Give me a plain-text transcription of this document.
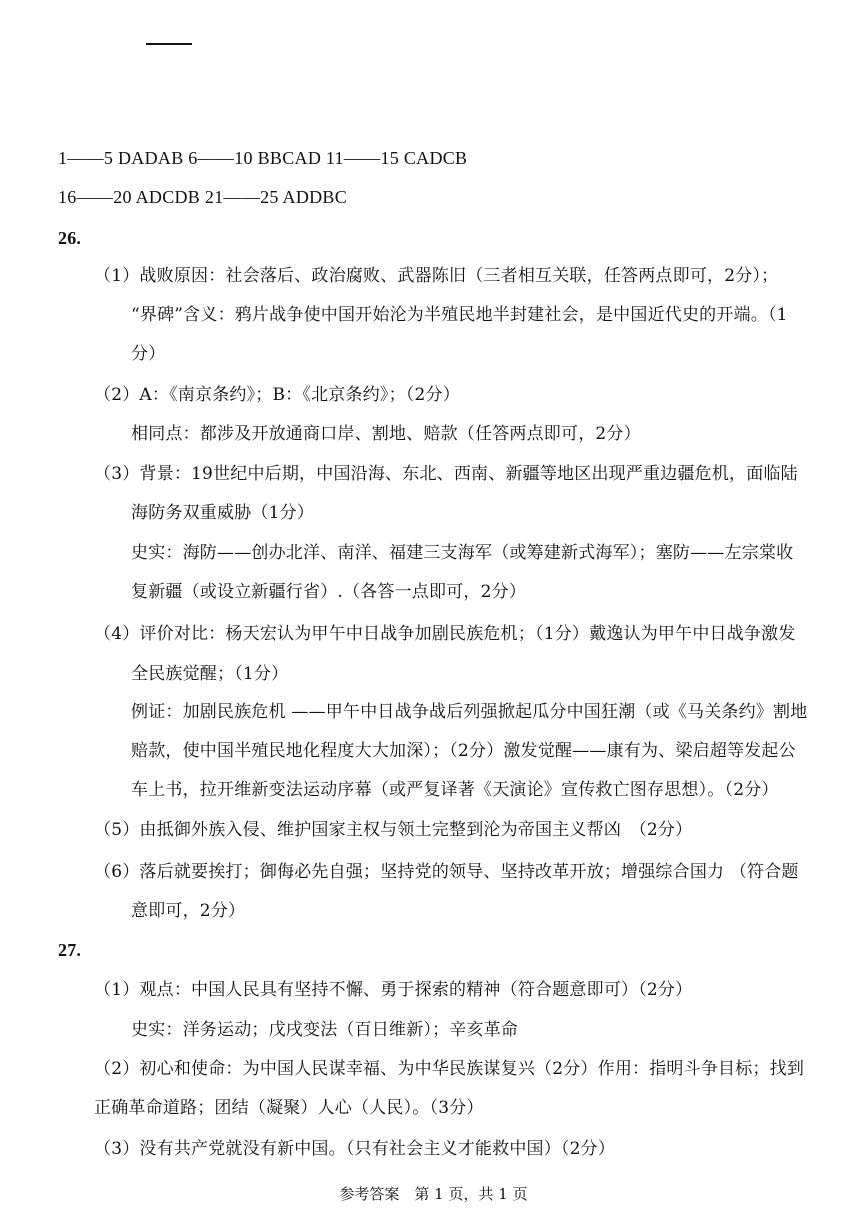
1——5 DADAB 6——10 BBCAD 11——15 CADCB
16——20 ADCDB 21——25 ADDBC
26.
（1）战败原因：社会落后、政治腐败、武器陈旧（三者相互关联，任答两点即可，2分）；
“界碑”含义：鸦片战争使中国开始沦为半殖民地半封建社会，是中国近代史的开端。（1
分）
（2）A：《南京条约》；B：《北京条约》；（2分）
相同点：都涉及开放通商口岸、割地、赔款（任答两点即可，2分）
（3）背景：19世纪中后期，中国沿海、东北、西南、新疆等地区出现严重边疆危机，面临陆
海防务双重威胁（1分）
史实：海防——创办北洋、南洋、福建三支海军（或筹建新式海军）；塞防——左宗棠收
复新疆（或设立新疆行省）.（各答一点即可，2分）
（4）评价对比：杨天宏认为甲午中日战争加剧民族危机；（1分）戴逸认为甲午中日战争激发
全民族觉醒；（1分）
例证：加剧民族危机 ——甲午中日战争战后列强掀起瓜分中国狂潮（或《马关条约》割地
赔款，使中国半殖民地化程度大大加深）；（2分）激发觉醒——康有为、梁启超等发起公
车上书，拉开维新变法运动序幕（或严复译著《天演论》宣传救亡图存思想）。（2分）
（5）由抵御外族入侵、维护国家主权与领土完整到沦为帝国主义帮凶　（2分）
（6）落后就要挨打；御侮必先自强；坚持党的领导、坚持改革开放；增强综合国力 （符合题
意即可，2分）
27.
（1）观点：中国人民具有坚持不懈、勇于探索的精神（符合题意即可）（2分）
史实：洋务运动；戊戌变法（百日维新）；辛亥革命
（2）初心和使命：为中国人民谋幸福、为中华民族谋复兴（2分）作用：指明斗争目标；找到
正确革命道路；团结（凝聚）人心（人民）。（3分）
（3）没有共产党就没有新中国。（只有社会主义才能救中国）（2分）
参考答案　第 1 页，共 1 页
